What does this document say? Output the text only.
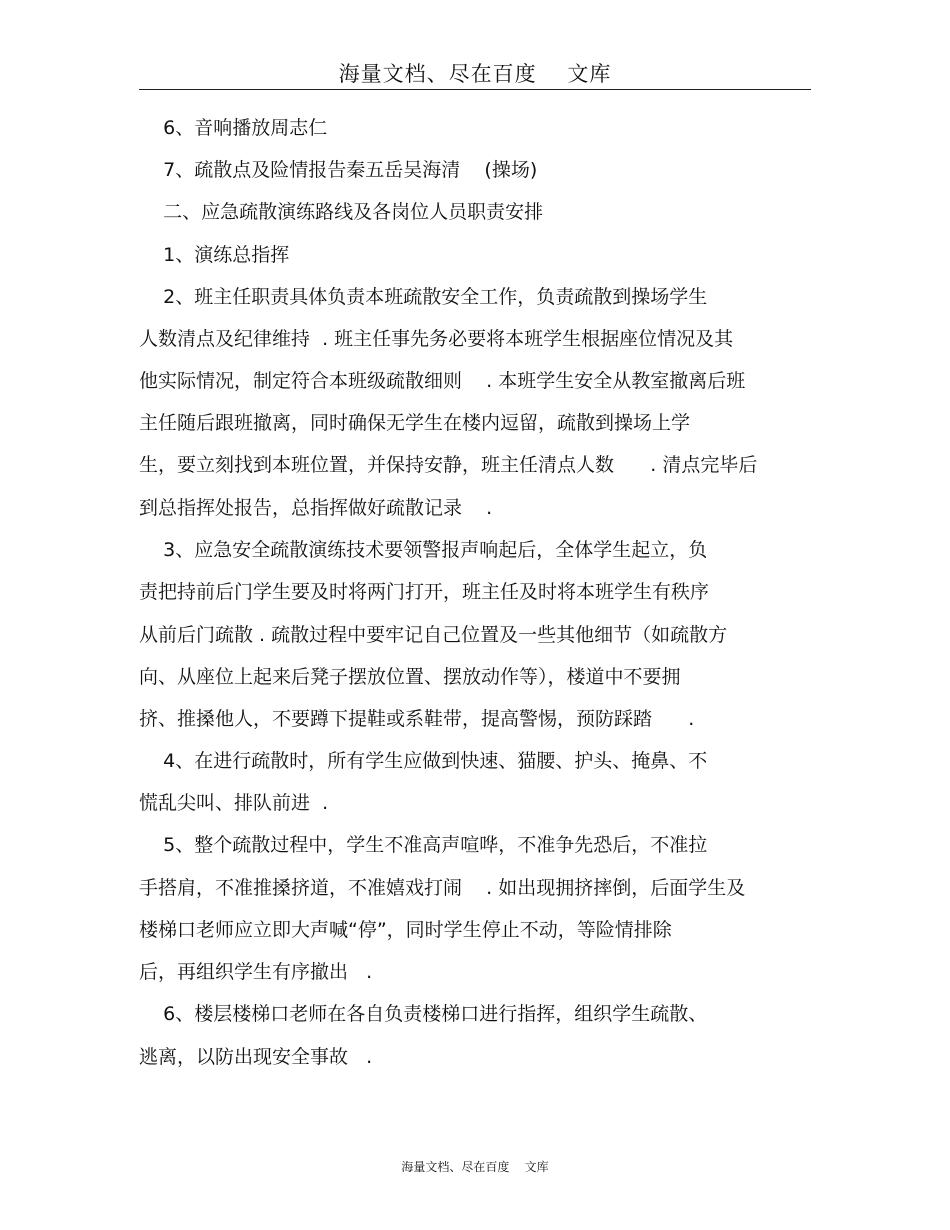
海量文档、尽在百度    文库
6、音响播放周志仁
7、疏散点及险情报告秦五岳吴海清    (操场)
二、应急疏散演练路线及各岗位人员职责安排
1、演练总指挥
2、班主任职责具体负责本班疏散安全工作，负责疏散到操场学生
人数清点及纪律维持  . 班主任事先务必要将本班学生根据座位情况及其
他实际情况，制定符合本班级疏散细则    . 本班学生安全从教室撤离后班
主任随后跟班撤离，同时确保无学生在楼内逗留，疏散到操场上学
生，要立刻找到本班位置，并保持安静，班主任清点人数      . 清点完毕后
到总指挥处报告，总指挥做好疏散记录    .
3、应急安全疏散演练技术要领警报声响起后，全体学生起立，负
责把持前后门学生要及时将两门打开，班主任及时将本班学生有秩序
从前后门疏散 . 疏散过程中要牢记自己位置及一些其他细节（如疏散方
向、从座位上起来后凳子摆放位置、摆放动作等），楼道中不要拥
挤、推搡他人，不要蹲下提鞋或系鞋带，提高警惕，预防踩踏      .
4、在进行疏散时，所有学生应做到快速、猫腰、护头、掩鼻、不
慌乱尖叫、排队前进  .
5、整个疏散过程中，学生不准高声喧哗，不准争先恐后，不准拉
手搭肩，不准推搡挤道，不准嬉戏打闹    . 如出现拥挤摔倒，后面学生及
楼梯口老师应立即大声喊“停”，同时学生停止不动，等险情排除
后，再组织学生有序撤出   .
6、楼层楼梯口老师在各自负责楼梯口进行指挥，组织学生疏散、
逃离，以防出现安全事故   .
海量文档、尽在百度    文库
